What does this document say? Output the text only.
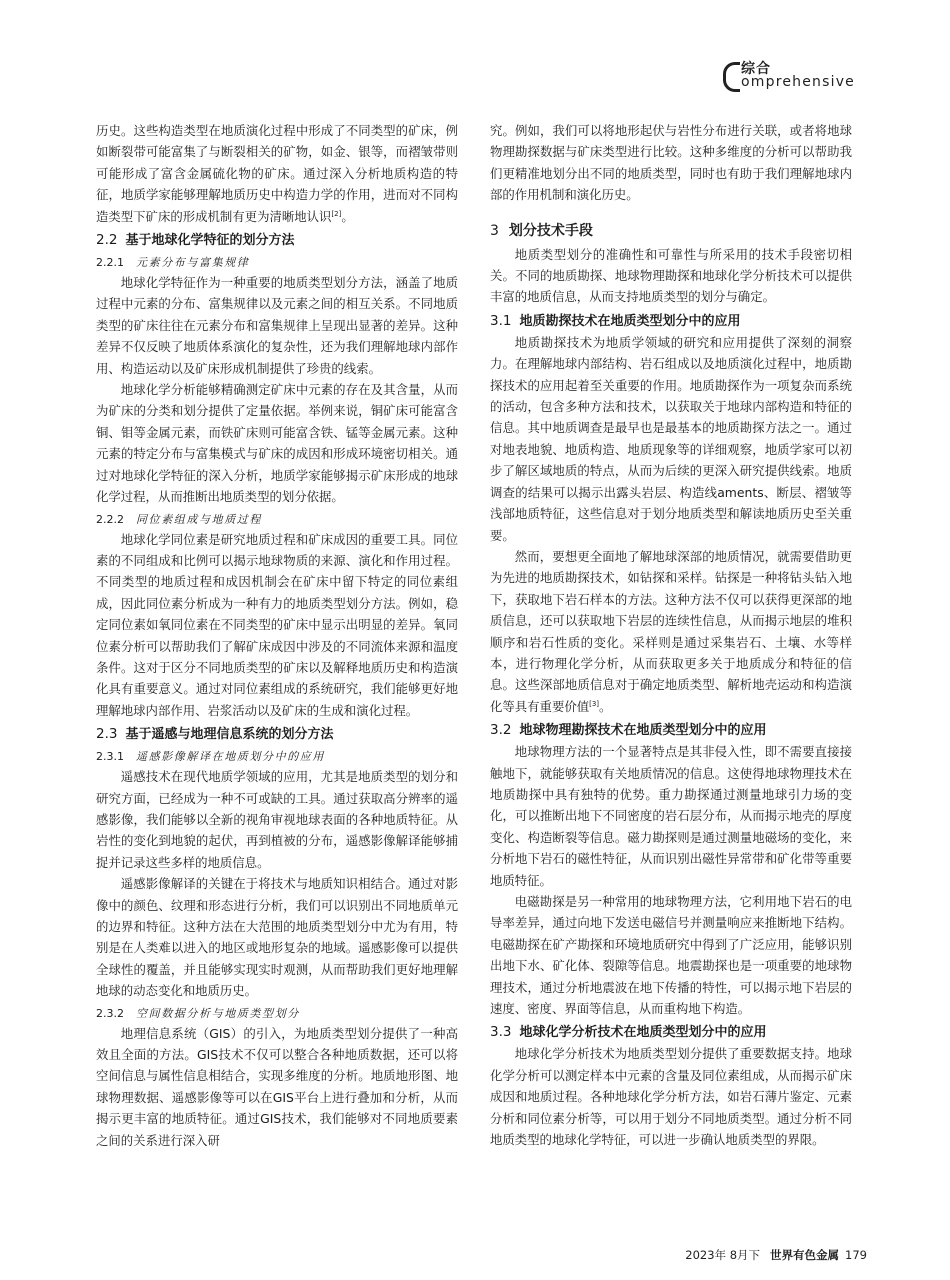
综合
omprehensive

历史。这些构造类型在地质演化过程中形成了不同类型的矿床，例如断裂带可能富集了与断裂相关的矿物，如金、银等，而褶皱带则可能形成了富含金属硫化物的矿床。通过深入分析地质构造的特征，地质学家能够理解地质历史中构造力学的作用，进而对不同构造类型下矿床的形成机制有更为清晰地认识[2]。

2.2 基于地球化学特征的划分方法
2.2.1 元素分布与富集规律

地球化学特征作为一种重要的地质类型划分方法，涵盖了地质过程中元素的分布、富集规律以及元素之间的相互关系。不同地质类型的矿床往往在元素分布和富集规律上呈现出显著的差异。这种差异不仅反映了地质体系演化的复杂性，还为我们理解地球内部作用、构造运动以及矿床形成机制提供了珍贵的线索。

地球化学分析能够精确测定矿床中元素的存在及其含量，从而为矿床的分类和划分提供了定量依据。举例来说，铜矿床可能富含铜、钼等金属元素，而铁矿床则可能富含铁、锰等金属元素。这种元素的特定分布与富集模式与矿床的成因和形成环境密切相关。通过对地球化学特征的深入分析，地质学家能够揭示矿床形成的地球化学过程，从而推断出地质类型的划分依据。

2.2.2 同位素组成与地质过程

地球化学同位素是研究地质过程和矿床成因的重要工具。同位素的不同组成和比例可以揭示地球物质的来源、演化和作用过程。不同类型的地质过程和成因机制会在矿床中留下特定的同位素组成，因此同位素分析成为一种有力的地质类型划分方法。例如，稳定同位素如氧同位素在不同类型的矿床中显示出明显的差异。氧同位素分析可以帮助我们了解矿床成因中涉及的不同流体来源和温度条件。这对于区分不同地质类型的矿床以及解释地质历史和构造演化具有重要意义。通过对同位素组成的系统研究，我们能够更好地理解地球内部作用、岩浆活动以及矿床的生成和演化过程。

2.3 基于遥感与地理信息系统的划分方法
2.3.1 遥感影像解译在地质划分中的应用

遥感技术在现代地质学领域的应用，尤其是地质类型的划分和研究方面，已经成为一种不可或缺的工具。通过获取高分辨率的遥感影像，我们能够以全新的视角审视地球表面的各种地质特征。从岩性的变化到地貌的起伏，再到植被的分布，遥感影像解译能够捕捉并记录这些多样的地质信息。

遥感影像解译的关键在于将技术与地质知识相结合。通过对影像中的颜色、纹理和形态进行分析，我们可以识别出不同地质单元的边界和特征。这种方法在大范围的地质类型划分中尤为有用，特别是在人类难以进入的地区或地形复杂的地域。遥感影像可以提供全球性的覆盖，并且能够实现实时观测，从而帮助我们更好地理解地球的动态变化和地质历史。

2.3.2 空间数据分析与地质类型划分

地理信息系统（GIS）的引入，为地质类型划分提供了一种高效且全面的方法。GIS技术不仅可以整合各种地质数据，还可以将空间信息与属性信息相结合，实现多维度的分析。地质地形图、地球物理数据、遥感影像等可以在GIS平台上进行叠加和分析，从而揭示更丰富的地质特征。通过GIS技术，我们能够对不同地质要素之间的关系进行深入研

究。例如，我们可以将地形起伏与岩性分布进行关联，或者将地球物理勘探数据与矿床类型进行比较。这种多维度的分析可以帮助我们更精准地划分出不同的地质类型，同时也有助于我们理解地球内部的作用机制和演化历史。

3 划分技术手段

地质类型划分的准确性和可靠性与所采用的技术手段密切相关。不同的地质勘探、地球物理勘探和地球化学分析技术可以提供丰富的地质信息，从而支持地质类型的划分与确定。

3.1 地质勘探技术在地质类型划分中的应用

地质勘探技术为地质学领域的研究和应用提供了深刻的洞察力。在理解地球内部结构、岩石组成以及地质演化过程中，地质勘探技术的应用起着至关重要的作用。地质勘探作为一项复杂而系统的活动，包含多种方法和技术，以获取关于地球内部构造和特征的信息。其中地质调查是最早也是最基本的地质勘探方法之一。通过对地表地貌、地质构造、地质现象等的详细观察，地质学家可以初步了解区域地质的特点，从而为后续的更深入研究提供线索。地质调查的结果可以揭示出露头岩层、构造线aments、断层、褶皱等浅部地质特征，这些信息对于划分地质类型和解读地质历史至关重要。

然而，要想更全面地了解地球深部的地质情况，就需要借助更为先进的地质勘探技术，如钻探和采样。钻探是一种将钻头钻入地下，获取地下岩石样本的方法。这种方法不仅可以获得更深部的地质信息，还可以获取地下岩层的连续性信息，从而揭示地层的堆积顺序和岩石性质的变化。采样则是通过采集岩石、土壤、水等样本，进行物理化学分析，从而获取更多关于地质成分和特征的信息。这些深部地质信息对于确定地质类型、解析地壳运动和构造演化等具有重要价值[3]。

3.2 地球物理勘探技术在地质类型划分中的应用

地球物理方法的一个显著特点是其非侵入性，即不需要直接接触地下，就能够获取有关地质情况的信息。这使得地球物理技术在地质勘探中具有独特的优势。重力勘探通过测量地球引力场的变化，可以推断出地下不同密度的岩石层分布，从而揭示地壳的厚度变化、构造断裂等信息。磁力勘探则是通过测量地磁场的变化，来分析地下岩石的磁性特征，从而识别出磁性异常带和矿化带等重要地质特征。

电磁勘探是另一种常用的地球物理方法，它利用地下岩石的电导率差异，通过向地下发送电磁信号并测量响应来推断地下结构。电磁勘探在矿产勘探和环境地质研究中得到了广泛应用，能够识别出地下水、矿化体、裂隙等信息。地震勘探也是一项重要的地球物理技术，通过分析地震波在地下传播的特性，可以揭示地下岩层的速度、密度、界面等信息，从而重构地下构造。

3.3 地球化学分析技术在地质类型划分中的应用

地球化学分析技术为地质类型划分提供了重要数据支持。地球化学分析可以测定样本中元素的含量及同位素组成，从而揭示矿床成因和地质过程。各种地球化学分析方法，如岩石薄片鉴定、元素分析和同位素分析等，可以用于划分不同地质类型。通过分析不同地质类型的地球化学特征，可以进一步确认地质类型的界限。

2023年 8月下 世界有色金属 179
